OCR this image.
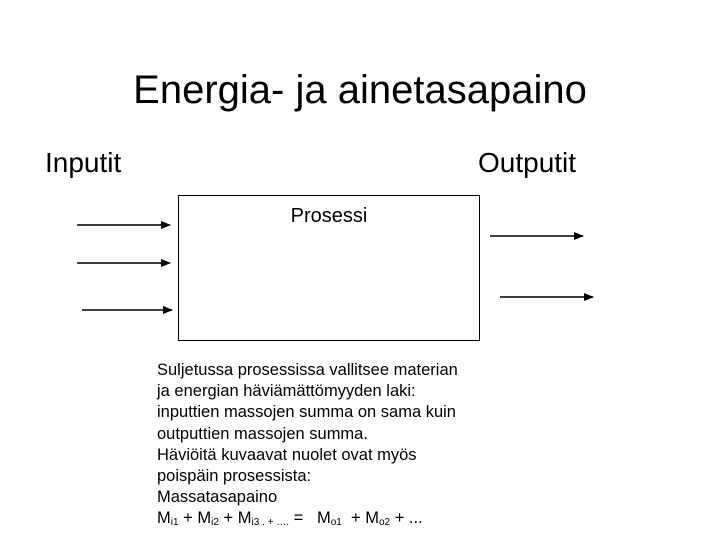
Energia- ja ainetasapaino
Inputit	Outputit
Prosessi
Suljetussa prosessissa vallitsee materian
ja energian häviämättömyyden laki:
inputtien massojen summa on sama kuin
outputtien massojen summa.
Häviöitä kuvaavat nuolet ovat myös
poispäin prosessista:
Massatasapaino
$M_{i1} + M_{i2} + M_{i3 . + \dots.} = M_{o1} + M_{o2}$ + ...
